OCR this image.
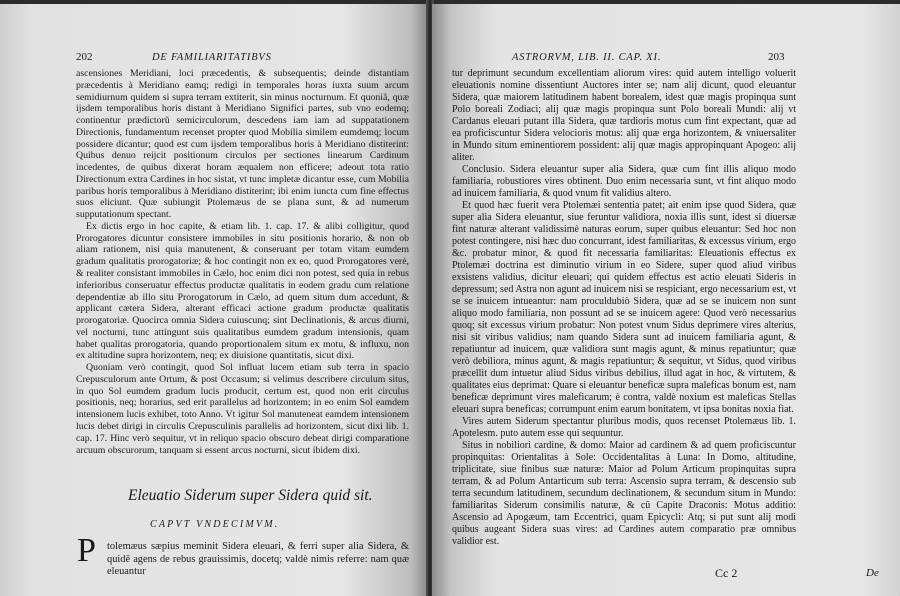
202	DE FAMILIARITATIBVS

ascensiones Meridiani, loci præcedentis, & subsequentis; deinde distantiam præcedentis à Meridiano eamq; redigi in temporales horas iuxta suum arcum semidiurnum quidem si supra terram extiterit, sin minus nocturnum. Et quoniã, quæ ijsdem temporalibus horis distant à Meridiano Significi partes, sub vno eodemq; continentur prædictorũ semicirculorum, descedens iam iam ad suppatationem Directionis, fundamentum recenset propter quod Mobilia similem eumdemq; locum possidere dicantur; quod est cum ijsdem temporalibus horis à Meridiano distiterint: Quibus denuo reijcit positionum circulos per sectiones linearum Cardinum incedentes, de quibus dixerat horam æqualem non efficere; adeout tota ratio Directionum extra Cardines in hoc sistat, vt tunc impletæ dicantur esse, cum Mobilia paribus horis temporalibus à Meridiano distiterint; ibi enim iuncta cum fine effectus suos eliciunt. Quæ subiungit Ptolemæus de se plana sunt, & ad numerum supputationum spectant.

Ex dictis ergo in hoc capite, & etiam lib. 1. cap. 17. & alibi colligitur, quod Prorogatores dicuntur consistere immobiles in situ positionis horario, & non ob aliam rationem, nisi quia manutenent, & conseruant per totam vitam eumdem gradum qualitatis prorogatoriæ; & hoc contingit non ex eo, quod Prorogatores verè, & realiter consistant immobiles in Cælo, hoc enim dici non potest, sed quia in rebus inferioribus conseruatur effectus productæ qualitatis in eodem gradu cum relatione dependentiæ ab illo situ Prorogatorum in Cælo, ad quem situm dum accedunt, & applicant cætera Sidera, alterant efficaci actione gradum productæ qualitatis prorogatoriæ. Quocirca omnia Sidera cuiuscunq; sint Declinationis, & arcus diurni, vel nocturni, tunc attingunt suis qualitatibus eumdem gradum intensionis, quam habet qualitas prorogatoria, quando proportionalem situm ex motu, & influxu, non ex altitudine supra horizontem, neq; ex diuisione quantitatis, sicut dixi.

Quoniam verò contingit, quod Sol influat lucem etiam sub terra in spacio Crepusculorum ante Ortum, & post Occasum; si velimus describere circulum situs, in quo Sol eumdem gradum lucis producit, certum est, quod non erit circulus positionis, neq; horarius, sed erit parallelus ad horizontem; in eo enim Sol eamdem intensionem lucis exhibet, toto Anno. Vt igitur Sol manuteneat eamdem intensionem lucis debet dirigi in circulis Crepusculinis parallelis ad horizontem, sicut dixi lib. 1. cap. 17. Hinc verò sequitur, vt in reliquo spacio obscuro debeat dirigi comparatione arcuum obscurorum, tanquam si essent arcus nocturni, sicut ibidem dixi.

Eleuatio Siderum super Sidera quid sit.
CAPVT VNDECIMVM.
P tolemæus sæpius meminit Sidera eleuari, & ferri super alia Sidera, & quidē agens de rebus grauissimis, docetq; valdè nimis referre: nam quæ eleuantur
ASTRORVM, LIB. II. CAP. XI.	203

tur deprimunt secundum excellentiam aliorum vires: quid autem intelligo voluerit eleuationis nomine dissentiunt Auctores inter se; nam alij dicunt, quod eleuantur Sidera, quæ maiorem latitudinem habent borealem, idest quæ magis propinqua sunt Polo boreali Zodiaci; alij quæ magis propinqua sunt Polo boreali Mundi: alij vt Cardanus eleuari putant illa Sidera, quæ tardioris motus cum fint expectant, quæ ad ea proficiscuntur Sidera velocioris motus: alij quæ erga horizontem, & vniuersaliter in Mundo situm eminentiorem possident: alij quæ magis appropinquant Apogeo: alij aliter.

Conclusio. Sidera eleuantur super alia Sidera, quæ cum fint illis aliquo modo familiaria, robustiores vires obtinent. Duo enim necessaria sunt, vt fint aliquo modo ad inuicem familiaria, & quod vnum fit validius altero.

Et quod hæc fuerit vera Ptolemæi sententia patet; ait enim ipse quod Sidera, quæ super alia Sidera eleuantur, siue feruntur validiora, noxia illis sunt, idest si diuersæ fint naturæ alterant validissimè naturas eorum, super quibus eleuantur: Sed hoc non potest contingere, nisi hæc duo concurrant, idest familiaritas, & excessus virium, ergo &c. probatur minor, & quod fit necessaria familiaritas: Eleuationis effectus ex Ptolemæi doctrina est diminutio virium in eo Sidere, super quod aliud viribus exsistens validius, dicitur eleuari; qui quidem effectus est actio eleuati Sideris in depressum; sed Astra non agunt ad inuicem nisi se respiciant, ergo necessarium est, vt se se inuicem intueantur: nam proculdubiò Sidera, quæ ad se se inuicem non sunt aliquo modo familiaria, non possunt ad se se inuicem agere: Quod verò necessarius quoq; sit excessus virium probatur: Non potest vnum Sidus deprimere vires alterius, nisi sit viribus validius; nam quando Sidera sunt ad inuicem familiaria agunt, & repatiuntur ad inuicem, quæ validiora sunt magis agunt, & minus repatiuntur; quæ verò debiliora, minus agunt, & magis repatiuntur; & sequitur, vt Sidus, quod viribus præcellit dum intuetur aliud Sidus viribus debilius, illud agat in hoc, & virtutem, & qualitates eius deprimat: Quare si eleuantur beneficæ supra maleficas bonum est, nam beneficæ deprimunt vires maleficarum; è contra, valdè noxium est maleficas Stellas eleuari supra beneficas; corrumpunt enim earum bonitatem, vt ipsa bonitas noxia fiat.

Vires autem Siderum spectantur pluribus modis, quos recenset Ptolemæus lib. 1. Apotelesm. puto autem esse qui sequuntur.

Situs in nobiliori cardine, & domo: Maior ad cardinem & ad quem proficiscuntur propinquitas: Orientalitas à Sole: Occidentalitas à Luna: In Domo, altitudine, triplicitate, siue finibus suæ naturæ: Maior ad Polum Articum propinquitas supra terram, & ad Polum Antarticum sub terra: Ascensio supra terram, & descensio sub terra secundum latitudinem, secundum declinationem, & secundum situm in Mundo: familiaritas Siderum consimilis naturæ, & cũ Capite Draconis: Motus additio: Ascensio ad Apogæum, tam Eccentrici, quam Epicycli: Atq; si put sunt alij modi quibus augeant Sidera suas vires: ad Cardines autem comparatio præ omnibus validior est.

Cc 2	De
